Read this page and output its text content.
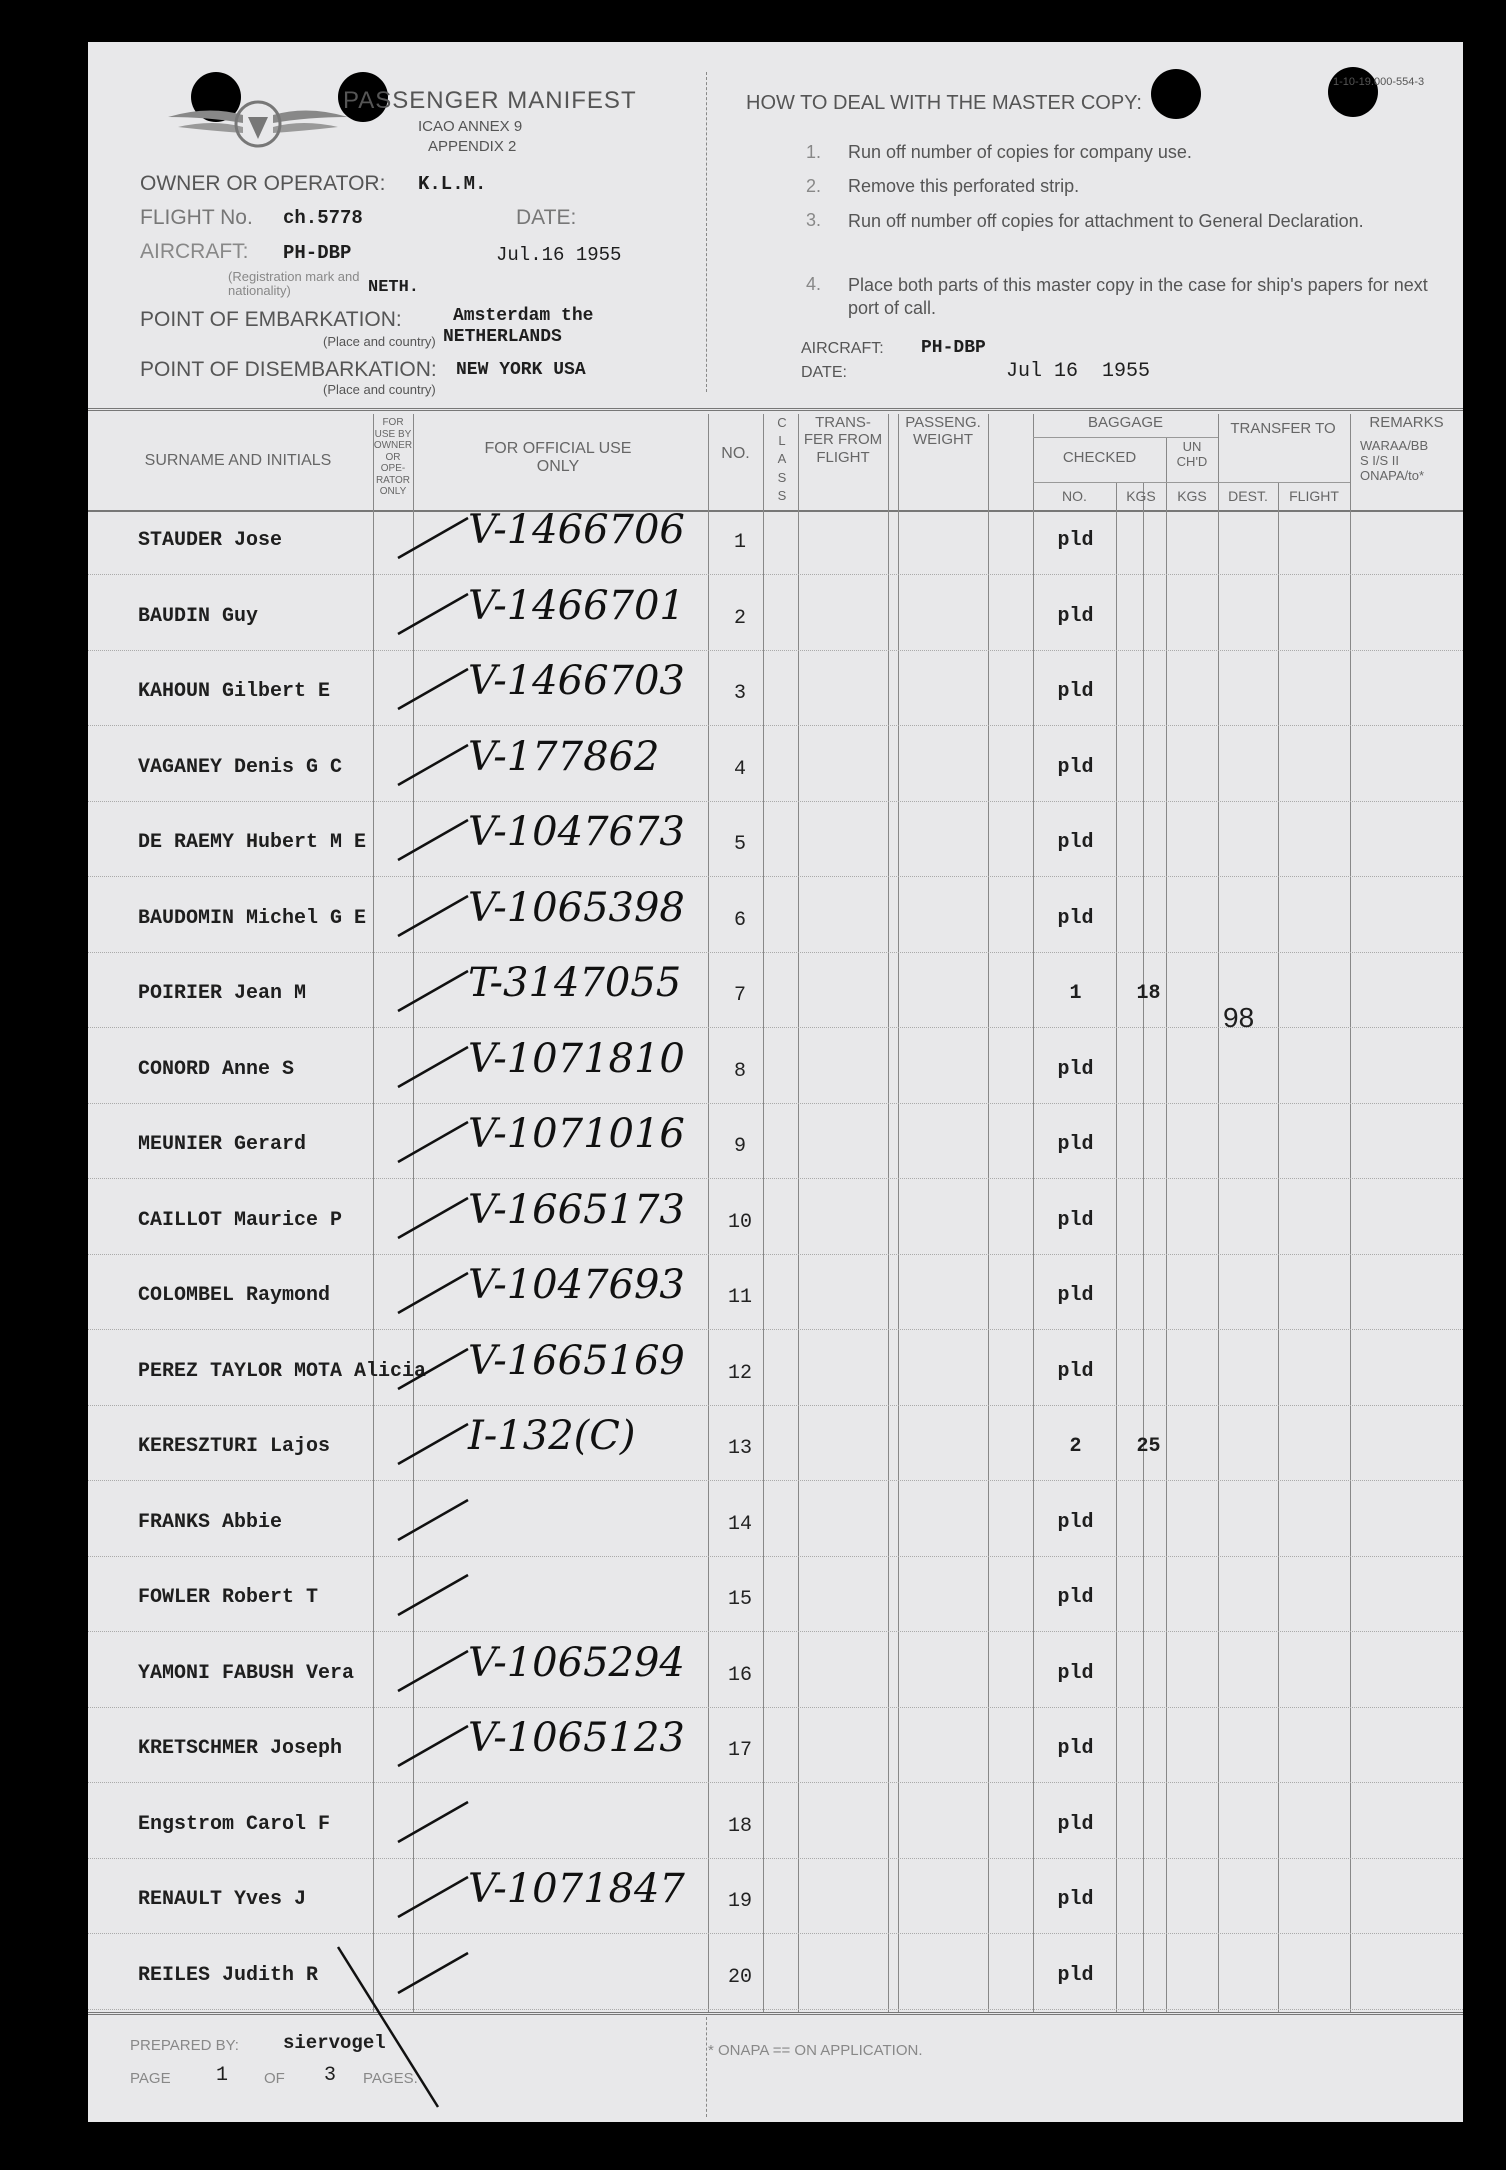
1-10-19.000-554-3
PASSENGER MANIFEST
ICAO ANNEX 9
APPENDIX 2
OWNER OR OPERATOR: K.L.M.
FLIGHT No. ch.5778	DATE:
AIRCRAFT: PH-DBP	Jul.16 1955
(Registration mark and nationality)	NETH.
POINT OF EMBARKATION:	Amsterdam the
(Place and country) NETHERLANDS
POINT OF DISEMBARKATION: NEW YORK USA
(Place and country)
HOW TO DEAL WITH THE MASTER COPY:
1. Run off number of copies for company use.
2. Remove this perforated strip.
3. Run off number off copies for attachment to General Declaration.
4. Place both parts of this master copy in the case for ship's papers for next port of call.
AIRCRAFT: PH-DBP
DATE:	Jul 16  1955
SURNAME AND INITIALS
FOR USE BY OWNER OR OPE- RATOR ONLY
FOR OFFICIAL USE ONLY
NO.
C L A S S
TRANS- FER FROM FLIGHT
PASSENG. WEIGHT
BAGGAGE
CHECKED
UN CH'D
NO.	KGS	KGS
TRANSFER TO
DEST.	FLIGHT
REMARKS
WARAA/BB S I/S II ONAPA/to*
STAUDER Jose	V-1466706	1	pld
BAUDIN Guy	V-1466701	2	pld
KAHOUN Gilbert E	V-1466703	3	pld
VAGANEY Denis G C	V-177862	4	pld
DE RAEMY Hubert M E	V-1047673	5	pld
BAUDOMIN Michel G E	V-1065398	6	pld
POIRIER Jean M	T-3147055	7	1	18
CONORD Anne S	V-1071810	8	pld
MEUNIER Gerard	V-1071016	9	pld
CAILLOT Maurice P	V-1665173	10	pld
COLOMBEL Raymond	V-1047693	11	pld
PEREZ TAYLOR MOTA Alicia V-1665169	12	pld
KERESZTURI Lajos	I-132(C)	13	2	25
FRANKS Abbie	14	pld
FOWLER Robert T	15	pld
YAMONI FABUSH Vera	V-1065294	16	pld
KRETSCHMER Joseph	V-1065123	17	pld
Engstrom Carol F	18	pld
RENAULT Yves J	V-1071847	19	pld
REILES Judith R	20	pld
98
PREPARED BY: siervogel
PAGE 1 OF 3 PAGES.
* ONAPA == ON APPLICATION.
